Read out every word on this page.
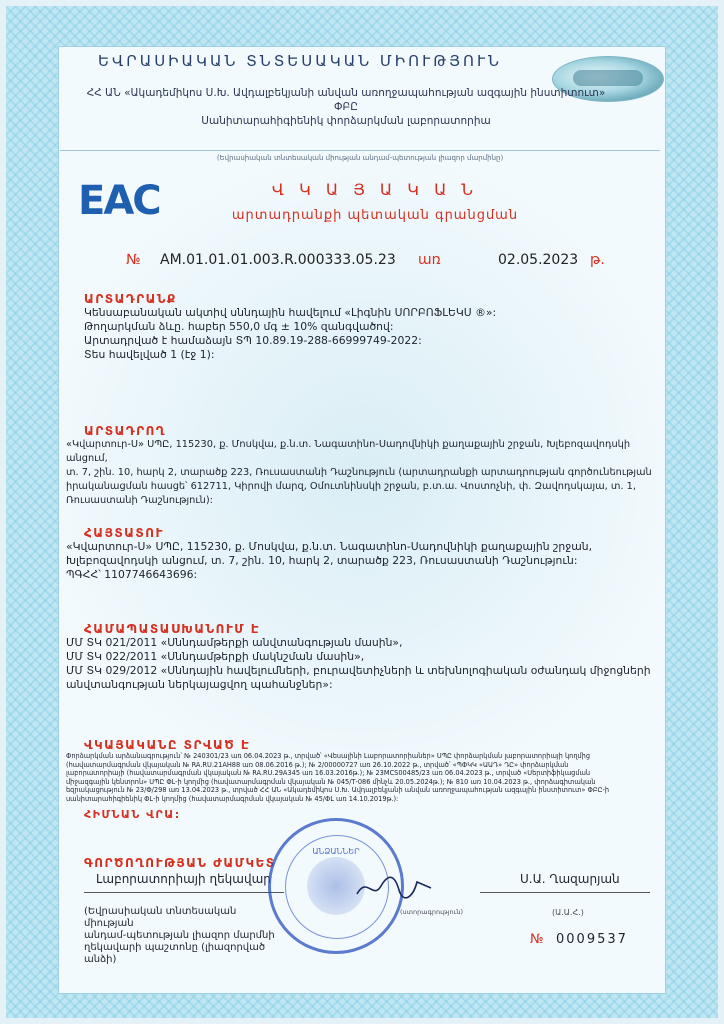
ԵՎՐԱՍԻԱԿԱՆ ՏՆՏԵՍԱԿԱՆ ՄԻՈՒԹՅՈՒՆ
ՀՀ ԱՆ «Ակադեմիկոս Ս.Խ. Ավդալբեկյանի անվան առողջապահության ազգային ինստիտուտ» ՓԲԸ
Սանիտարահիգիենիկ փորձարկման լաբորատորիա
(Եվրասիական տնտեսական միության անդամ-պետության լիազոր մարմինը)
ЕАС	Վ Կ Ա Յ Ա Կ Ա Ն
արտադրանքի պետական գրանցման
№ AM.01.01.01.003.R.000333.05.23 առ	02.05.2023 թ.
ԱՐՏԱԴՐԱՆՔ
Կենսաբանական ակտիվ սննդային հավելում «Լիգնին ՍՈՐԲՈՖԼԵԿՍ ®»:
Թողարկման ձևը. հաբեր 550,0 մգ ± 10% զանգվածով:
Արտադրված է համաձայն ՏՊ 10.89.19-288-66999749-2022:
Տես հավելված 1 (էջ 1):
ԱՐՏԱԴՐՈՂ
«Կվարտուր-Ս» ՍՊԸ, 115230, ք. Մոսկվա, ք.ն.տ. Նագատինո-Սադովնիկի քաղաքային շրջան, Խլեբոզավոդսկի անցում,
տ. 7, շին. 10, հարկ 2, տարածք 223, Ռուսաստանի Դաշնություն (արտադրանքի արտադրության գործունեության
իրականացման հասցե՝ 612711, Կիրովի մարզ, Օմուտնինսկի շրջան, բ.տ.ա. Վոստոչնի, փ. Զավոդսկայա, տ. 1,
Ռուսաստանի Դաշնություն):
ՀԱՅՏԱՏՈՒ
«Կվարտուր-Ս» ՍՊԸ, 115230, ք. Մոսկվա, ք.ն.տ. Նագատինո-Սադովնիկի քաղաքային շրջան,
Խլեբոզավոդսկի անցում, տ. 7, շին. 10, հարկ 2, տարածք 223, Ռուսաստանի Դաշնություն:
ՊԳՀՀ՝ 1107746643696:
ՀԱՄԱՊԱՏԱՍԽԱՆՈՒՄ Է
ՄՄ ՏԿ 021/2011 «Սննդամթերքի անվտանգության մասին»,
ՄՄ ՏԿ 022/2011 «Սննդամթերքի մակնշման մասին»,
ՄՄ ՏԿ 029/2012 «Սննդային հավելումների, բուրավետիչների և տեխնոլոգիական օժանդակ միջոցների
անվտանգության ներկայացվող պահանջներ»:
ՎԿԱՅԱԿԱՆԸ ՏՐՎԱԾ Է
Փորձարկման արձանագրություն՝ № 240301/23 առ 06.04.2023 թ., տրված՝ «Վեսալինի Լաբորատորիաներ» ՍՊԸ փորձարկման լաբորատորիայի կողմից
(հավատարմագրման վկայական № RA.RU.21AH88 առ 08.06.2016 թ.); № 2/00000727 առ 26.10.2022 թ., տրված՝ «ՊՓԿԿ «ԱԱԴ» ԴԸ» փորձարկման
լաբորատորիայի (հավատարմագրման վկայական № RA.RU.29A345 առ 16.03.2016թ.); № 23MCS00485/23 առ 06.04.2023 թ., տրված «Սերտիֆիկացման
միջազգային կենտրոն» ՍՊԸ ՓԼ-ի կողմից (հավատարմագրման վկայական № 045/Т-086 մինչև 20.05.2024թ.); № 810 առ 10.04.2023 թ., փորձագիտական
եզրակացություն № 23/Փ/298 առ 13.04.2023 թ., տրված ՀՀ ԱՆ «Ակադեմիկոս Ս.Խ. Ավդալբեկյանի անվան առողջապահության ազգային ինստիտուտ» ՓԲԸ-ի
սանիտարահիգիենիկ ՓԼ-ի կողմից (հավատարմագրման վկայական № 45/ՓԼ առ 14.10.2019թ.):
ՀԻՄՆԱՆ ՎՐԱ:
ԳՈՐԾՈՂՈՒԹՅԱՆ ԺԱՄԿԵՏ
Լաբորատորիայի ղեկավար	Ս.Ա. Ղազարյան
(Եվրասիական տնտեսական միության
անդամ-պետության լիազոր մարմնի
ղեկավարի պաշտոնը (լիազորված անձի)
(ստորագրություն)	(Ա.Ա.Հ.)
ԱՆՁԱՆՆԵՐ
№ 0009537
